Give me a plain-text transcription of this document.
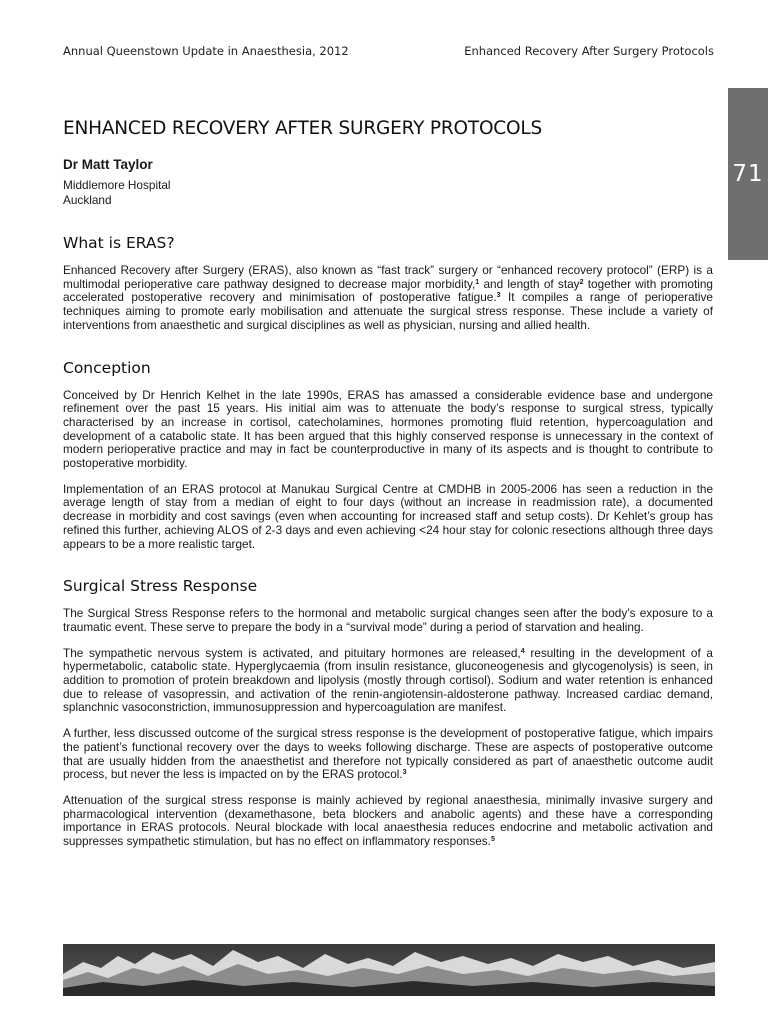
Annual Queenstown Update in Anaesthesia, 2012	Enhanced Recovery After Surgery Protocols
71
ENHANCED RECOVERY AFTER SURGERY PROTOCOLS
Dr Matt Taylor
Middlemore Hospital
Auckland
What is ERAS?

Enhanced Recovery after Surgery (ERAS), also known as “fast track” surgery or “enhanced recovery protocol” (ERP) is a multimodal perioperative care pathway designed to decrease major morbidity,$^1$ and length of stay$^2$ together with promoting accelerated postoperative recovery and minimisation of postoperative fatigue.$^3$ It compiles a range of perioperative techniques aiming to promote early mobilisation and attenuate the surgical stress response. These include a variety of interventions from anaesthetic and surgical disciplines as well as physician, nursing and allied health.

Conception

Conceived by Dr Henrich Kelhet in the late 1990s, ERAS has amassed a considerable evidence base and undergone refinement over the past 15 years. His initial aim was to attenuate the body’s response to surgical stress, typically characterised by an increase in cortisol, catecholamines, hormones promoting fluid retention, hypercoagulation and development of a catabolic state. It has been argued that this highly conserved response is unnecessary in the context of modern perioperative practice and may in fact be counterproductive in many of its aspects and is thought to contribute to postoperative morbidity.

Implementation of an ERAS protocol at Manukau Surgical Centre at CMDHB in 2005-2006 has seen a reduction in the average length of stay from a median of eight to four days (without an increase in readmission rate), a documented decrease in morbidity and cost savings (even when accounting for increased staff and setup costs). Dr Kehlet’s group has refined this further, achieving ALOS of 2-3 days and even achieving <24 hour stay for colonic resections although three days appears to be a more realistic target.

Surgical Stress Response

The Surgical Stress Response refers to the hormonal and metabolic surgical changes seen after the body’s exposure to a traumatic event. These serve to prepare the body in a “survival mode” during a period of starvation and healing.

The sympathetic nervous system is activated, and pituitary hormones are released,$^4$ resulting in the development of a hypermetabolic, catabolic state. Hyperglycaemia (from insulin resistance, gluconeogenesis and glycogenolysis) is seen, in addition to promotion of protein breakdown and lipolysis (mostly through cortisol). Sodium and water retention is enhanced due to release of vasopressin, and activation of the renin-angiotensin-aldosterone pathway. Increased cardiac demand, splanchnic vasoconstriction, immunosuppression and hypercoagulation are manifest.

A further, less discussed outcome of the surgical stress response is the development of postoperative fatigue, which impairs the patient’s functional recovery over the days to weeks following discharge. These are aspects of postoperative outcome that are usually hidden from the anaesthetist and therefore not typically considered as part of anaesthetic outcome audit process, but never the less is impacted on by the ERAS protocol.$^3$

Attenuation of the surgical stress response is mainly achieved by regional anaesthesia, minimally invasive surgery and pharmacological intervention (dexamethasone, beta blockers and anabolic agents) and these have a corresponding importance in ERAS protocols. Neural blockade with local anaesthesia reduces endocrine and metabolic activation and suppresses sympathetic stimulation, but has no effect on inflammatory responses.$^5$
